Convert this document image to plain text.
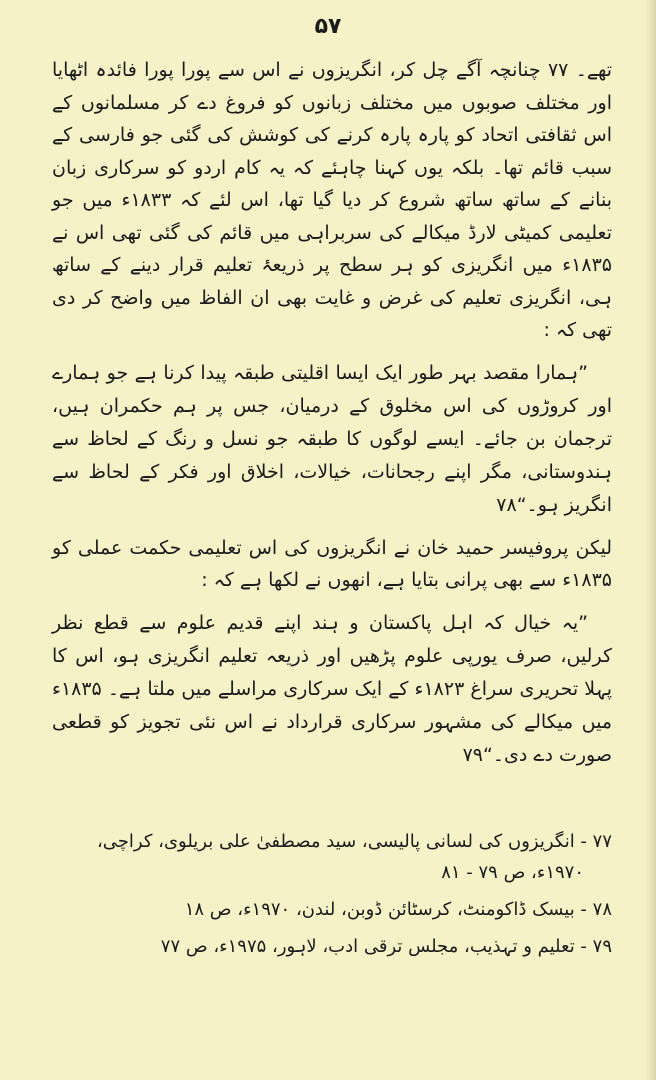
۵۷

تھے۔ ۷۷ چنانچہ آگے چل کر، انگریزوں نے اس سے پورا پورا فائدہ اٹھایا اور مختلف صوبوں میں مختلف زبانوں کو فروغ دے کر مسلمانوں کے اس ثقافتی اتحاد کو پارہ پارہ کرنے کی کوشش کی گئی جو فارسی کے سبب قائم تھا۔ بلکہ یوں کہنا چاہئے کہ یہ کام اردو کو سرکاری زبان بنانے کے ساتھ ساتھ شروع کر دیا گیا تھا، اس لئے کہ ۱۸۳۳ء میں جو تعلیمی کمیٹی لارڈ میکالے کی سربراہی میں قائم کی گئی تھی اس نے ۱۸۳۵ء میں انگریزی کو ہر سطح پر ذریعۂ تعلیم قرار دینے کے ساتھ ہی، انگریزی تعلیم کی غرض و غایت بھی ان الفاظ میں واضح کر دی تھی کہ :

”ہمارا مقصد بہر طور ایک ایسا اقلیتی طبقہ پیدا کرنا ہے جو ہمارے اور کروڑوں کی اس مخلوق کے درمیان، جس پر ہم حکمران ہیں، ترجمان بن جائے۔ ایسے لوگوں کا طبقہ جو نسل و رنگ کے لحاظ سے ہندوستانی، مگر اپنے رجحانات، خیالات، اخلاق اور فکر کے لحاظ سے انگریز ہو۔“۷۸

لیکن پروفیسر حمید خان نے انگریزوں کی اس تعلیمی حکمت عملی کو ۱۸۳۵ء سے بھی پرانی بتایا ہے، انھوں نے لکھا ہے کہ :

”یہ خیال کہ اہل پاکستان و ہند اپنے قدیم علوم سے قطع نظر کرلیں، صرف یورپی علوم پڑھیں اور ذریعہ تعلیم انگریزی ہو، اس کا پہلا تحریری سراغ ۱۸۲۳ء کے ایک سرکاری مراسلے میں ملتا ہے۔ ۱۸۳۵ء میں میکالے کی مشہور سرکاری قرارداد نے اس نئی تجویز کو قطعی صورت دے دی۔“۷۹

۷۷ - انگریزوں کی لسانی پالیسی، سید مصطفیٰ علی بریلوی، کراچی،

۱۹۷۰ء، ص ۷۹ - ۸۱

۷۸ - بیسک ڈاکومنٹ، کرسٹائن ڈوبن، لندن، ۱۹۷۰ء، ص ۱۸

۷۹ - تعلیم و تہذیب، مجلس ترقی ادب، لاہور، ۱۹۷۵ء، ص ۷۷
